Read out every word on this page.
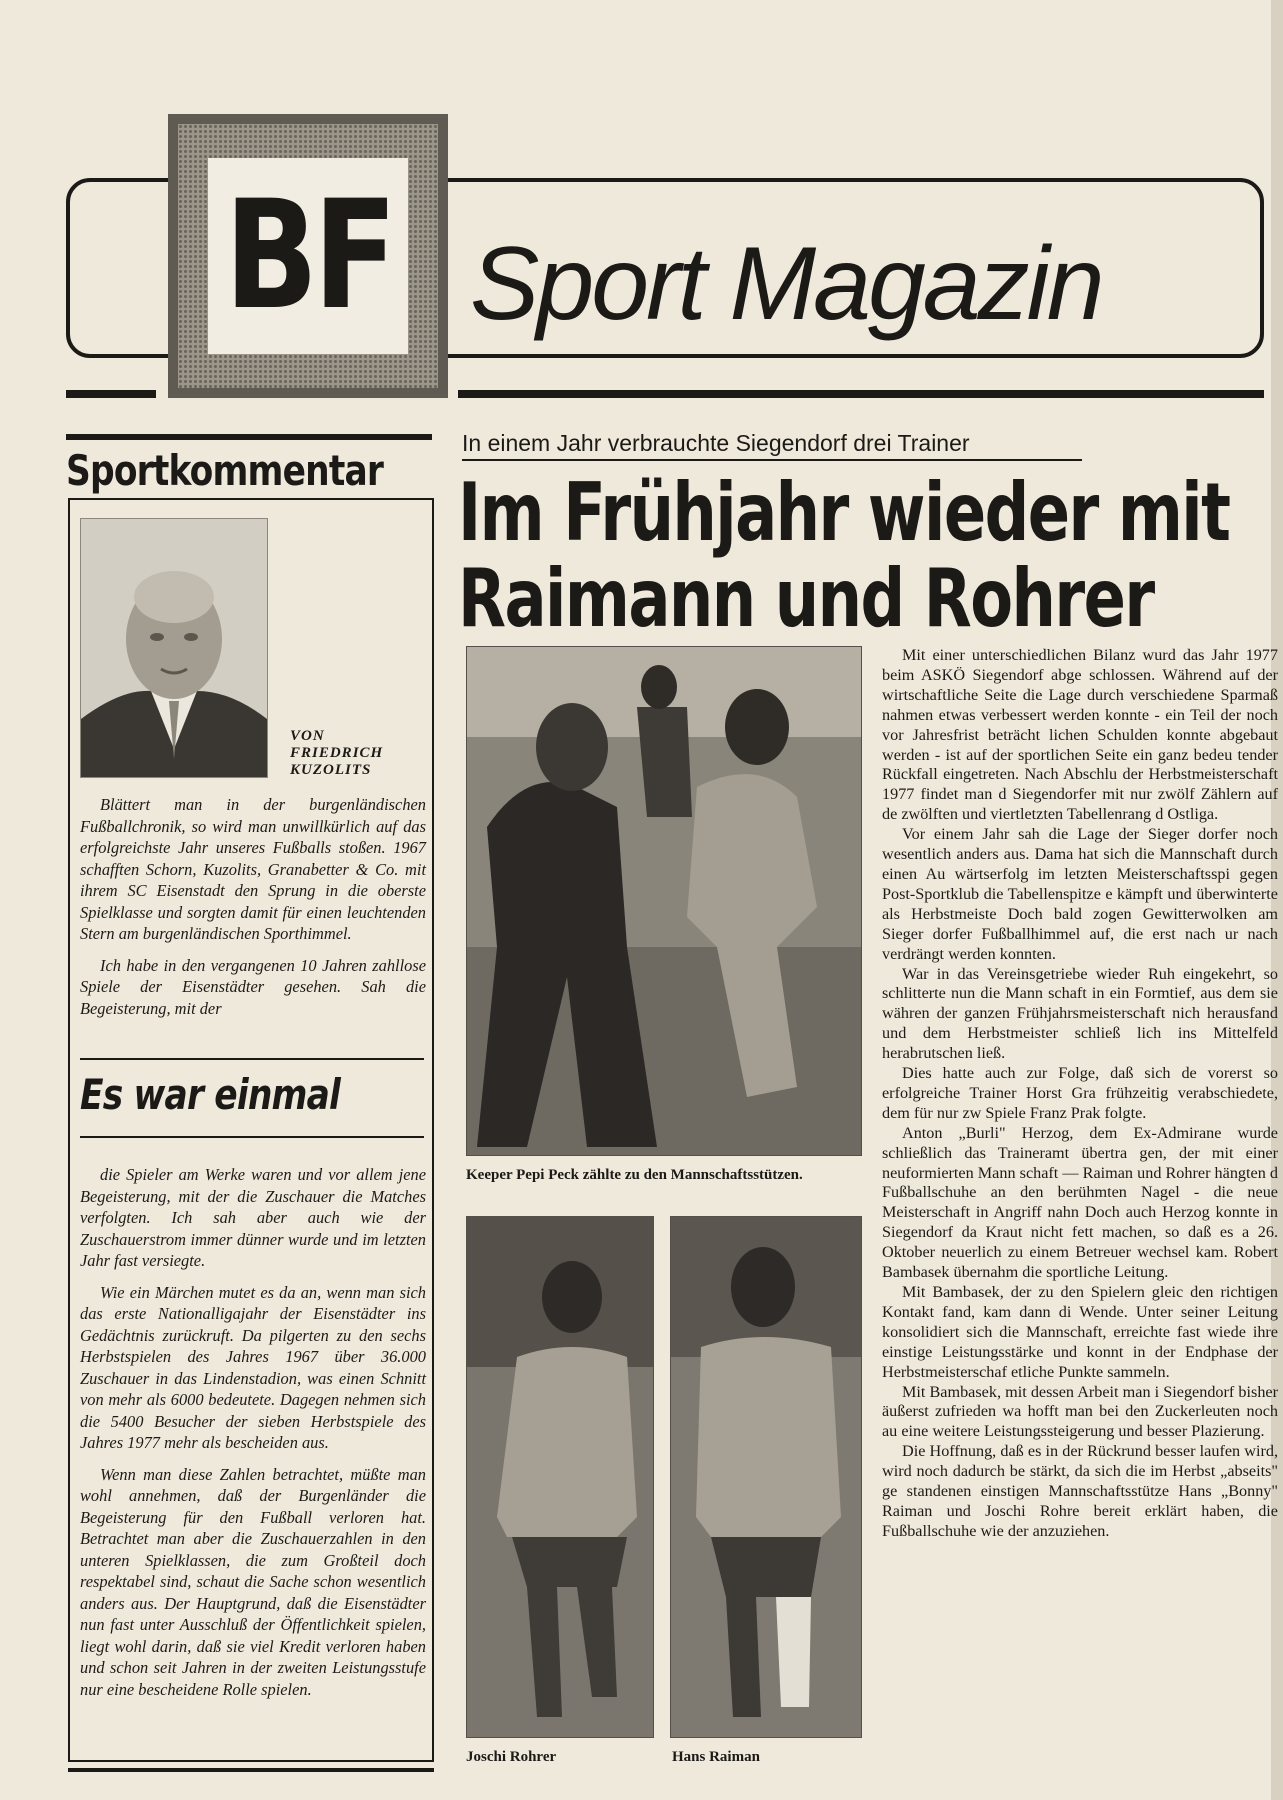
BF Sport Magazin
Sportkommentar
VON
FRIEDRICH
KUZOLITS

Blättert man in der burgenländischen Fußballchronik, so wird man unwillkürlich auf das erfolgreichste Jahr unseres Fußballs stoßen. 1967 schafften Schorn, Kuzolits, Granabetter & Co. mit ihrem SC Eisenstadt den Sprung in die oberste Spielklasse und sorgten damit für einen leuchtenden Stern am burgenländischen Sporthimmel.

Ich habe in den vergangenen 10 Jahren zahllose Spiele der Eisenstädter gesehen. Sah die Begeisterung, mit der

Es war einmal

die Spieler am Werke waren und vor allem jene Begeisterung, mit der die Zuschauer die Matches verfolgten. Ich sah aber auch wie der Zuschauerstrom immer dünner wurde und im letzten Jahr fast versiegte.

Wie ein Märchen mutet es da an, wenn man sich das erste Nationalligajahr der Eisenstädter ins Gedächtnis zurückruft. Da pilgerten zu den sechs Herbstspielen des Jahres 1967 über 36.000 Zuschauer in das Lindenstadion, was einen Schnitt von mehr als 6000 bedeutete. Dagegen nehmen sich die 5400 Besucher der sieben Herbstspiele des Jahres 1977 mehr als bescheiden aus.

Wenn man diese Zahlen betrachtet, müßte man wohl annehmen, daß der Burgenländer die Begeisterung für den Fußball verloren hat. Betrachtet man aber die Zuschauerzahlen in den unteren Spielklassen, die zum Großteil doch respektabel sind, schaut die Sache schon wesentlich anders aus. Der Hauptgrund, daß die Eisenstädter nun fast unter Ausschluß der Öffentlichkeit spielen, liegt wohl darin, daß sie viel Kredit verloren haben und schon seit Jahren in der zweiten Leistungsstufe nur eine bescheidene Rolle spielen.

In einem Jahr verbrauchte Siegendorf drei Trainer
Im Frühjahr wieder mit
Raimann und Rohrer
Keeper Pepi Peck zählte zu den Mannschaftsstützen.
Joschi Rohrer	Hans Raiman

Mit einer unterschiedlichen Bilanz wurd das Jahr 1977 beim ASKÖ Siegendorf abge schlossen. Während auf der wirtschaftliche Seite die Lage durch verschiedene Sparmaß nahmen etwas verbessert werden konnte - ein Teil der noch vor Jahresfrist beträcht lichen Schulden konnte abgebaut werden - ist auf der sportlichen Seite ein ganz bedeu tender Rückfall eingetreten. Nach Abschlu der Herbstmeisterschaft 1977 findet man d Siegendorfer mit nur zwölf Zählern auf de zwölften und viertletzten Tabellenrang d Ostliga.

Vor einem Jahr sah die Lage der Sieger dorfer noch wesentlich anders aus. Dama hat sich die Mannschaft durch einen Au wärtserfolg im letzten Meisterschaftsspi gegen Post-Sportklub die Tabellenspitze e kämpft und überwinterte als Herbstmeiste Doch bald zogen Gewitterwolken am Sieger dorfer Fußballhimmel auf, die erst nach ur nach verdrängt werden konnten.

War in das Vereinsgetriebe wieder Ruh eingekehrt, so schlitterte nun die Mann schaft in ein Formtief, aus dem sie währen der ganzen Frühjahrsmeisterschaft nich herausfand und dem Herbstmeister schließ lich ins Mittelfeld herabrutschen ließ.

Dies hatte auch zur Folge, daß sich de vorerst so erfolgreiche Trainer Horst Gra frühzeitig verabschiedete, dem für nur zw Spiele Franz Prak folgte.

Anton „Burli" Herzog, dem Ex-Admirane wurde schließlich das Traineramt übertra gen, der mit einer neuformierten Mann schaft — Raiman und Rohrer hängten d Fußballschuhe an den berühmten Nagel - die neue Meisterschaft in Angriff nahn Doch auch Herzog konnte in Siegendorf da Kraut nicht fett machen, so daß es a 26. Oktober neuerlich zu einem Betreuer wechsel kam. Robert Bambasek übernahm die sportliche Leitung.

Mit Bambasek, der zu den Spielern gleic den richtigen Kontakt fand, kam dann di Wende. Unter seiner Leitung konsolidiert sich die Mannschaft, erreichte fast wiede ihre einstige Leistungsstärke und konnt in der Endphase der Herbstmeisterschaf etliche Punkte sammeln.

Mit Bambasek, mit dessen Arbeit man i Siegendorf bisher äußerst zufrieden wa hofft man bei den Zuckerleuten noch au eine weitere Leistungssteigerung und besser Plazierung.

Die Hoffnung, daß es in der Rückrund besser laufen wird, wird noch dadurch be stärkt, da sich die im Herbst „abseits" ge standenen einstigen Mannschaftsstütze Hans „Bonny" Raiman und Joschi Rohre bereit erklärt haben, die Fußballschuhe wie der anzuziehen.
